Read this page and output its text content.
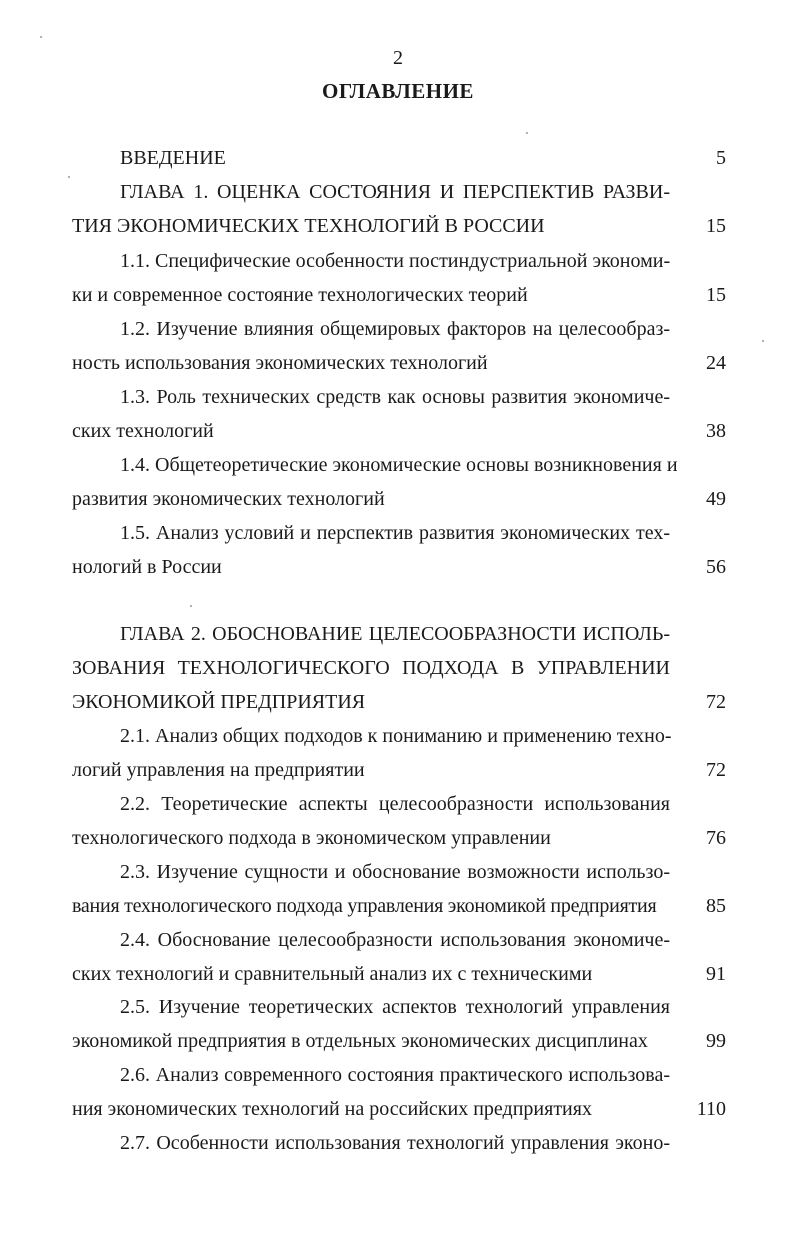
2
ОГЛАВЛЕНИЕ
ВВЕДЕНИЕ	5
ГЛАВА 1. ОЦЕНКА СОСТОЯНИЯ И ПЕРСПЕКТИВ РАЗВИ-
ТИЯ ЭКОНОМИЧЕСКИХ ТЕХНОЛОГИЙ В РОССИИ	15
1.1. Специфические особенности постиндустриальной экономи-
ки и современное состояние технологических теорий	15
1.2. Изучение влияния общемировых факторов на целесообраз-
ность использования экономических технологий	24
1.3. Роль технических средств как основы развития экономиче-
ских технологий	38
1.4. Общетеоретические экономические основы возникновения и
развития экономических технологий	49
1.5. Анализ условий и перспектив развития экономических тех-
нологий в России	56
ГЛАВА 2. ОБОСНОВАНИЕ ЦЕЛЕСООБРАЗНОСТИ ИСПОЛЬ-
ЗОВАНИЯ ТЕХНОЛОГИЧЕСКОГО ПОДХОДА В УПРАВЛЕНИИ
ЭКОНОМИКОЙ ПРЕДПРИЯТИЯ	72
2.1. Анализ общих подходов к пониманию и применению техно-
логий управления на предприятии	72
2.2. Теоретические аспекты целесообразности использования
технологического подхода в экономическом управлении	76
2.3. Изучение сущности и обоснование возможности использо-
вания технологического подхода управления экономикой предприятия	85
2.4. Обоснование целесообразности использования экономиче-
ских технологий и сравнительный анализ их с техническими	91
2.5. Изучение теоретических аспектов технологий управления
экономикой предприятия в отдельных экономических дисциплинах	99
2.6. Анализ современного состояния практического использова-
ния экономических технологий на российских предприятиях	110
2.7. Особенности использования технологий управления эконо-
